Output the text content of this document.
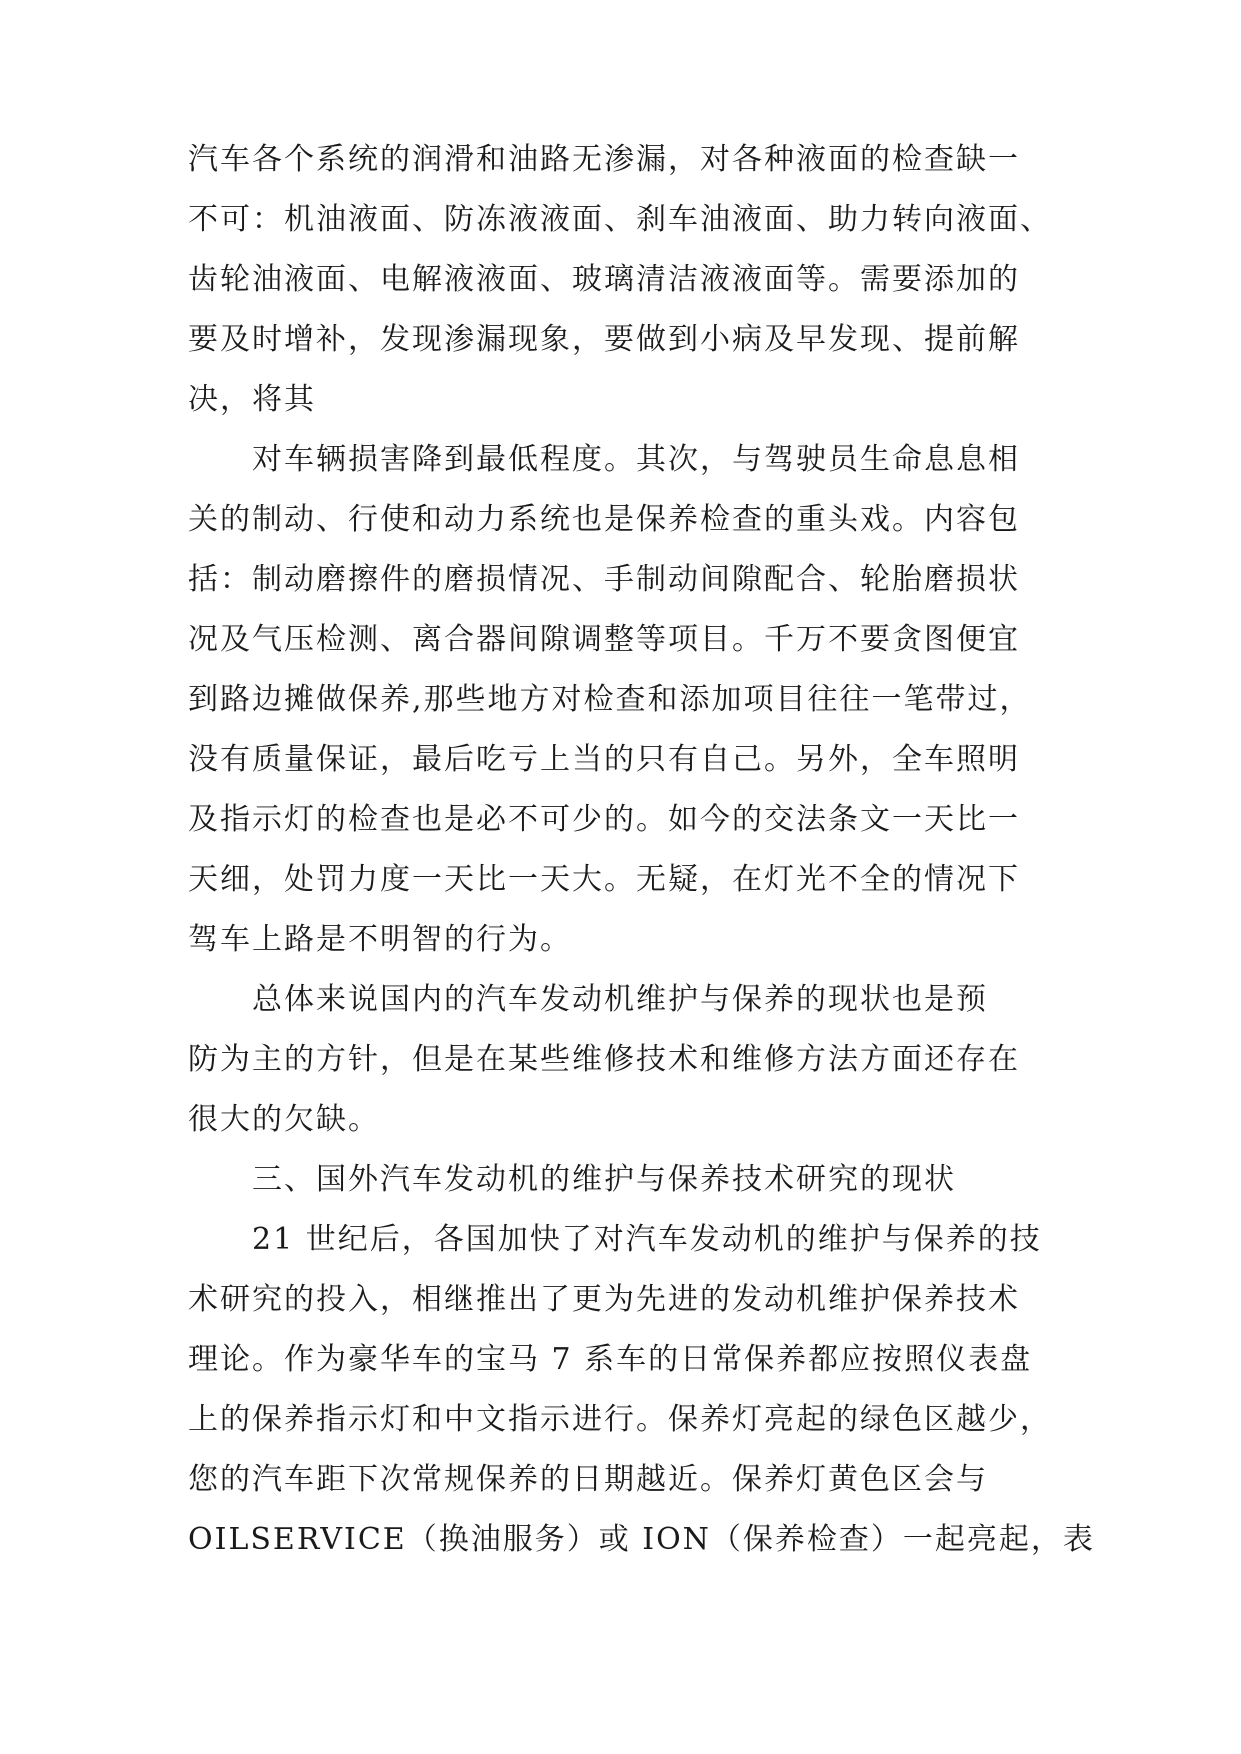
汽车各个系统的润滑和油路无渗漏，对各种液面的检查缺一
不可：机油液面、防冻液液面、刹车油液面、助力转向液面、
齿轮油液面、电解液液面、玻璃清洁液液面等。需要添加的
要及时增补，发现渗漏现象，要做到小病及早发现、提前解
决，将其
　　对车辆损害降到最低程度。其次，与驾驶员生命息息相
关的制动、行使和动力系统也是保养检查的重头戏。内容包
括：制动磨擦件的磨损情况、手制动间隙配合、轮胎磨损状
况及气压检测、离合器间隙调整等项目。千万不要贪图便宜
到路边摊做保养,那些地方对检查和添加项目往往一笔带过，
没有质量保证，最后吃亏上当的只有自己。另外，全车照明
及指示灯的检查也是必不可少的。如今的交法条文一天比一
天细，处罚力度一天比一天大。无疑，在灯光不全的情况下
驾车上路是不明智的行为。
　　总体来说国内的汽车发动机维护与保养的现状也是预
防为主的方针，但是在某些维修技术和维修方法方面还存在
很大的欠缺。
　　三、国外汽车发动机的维护与保养技术研究的现状
　　21 世纪后，各国加快了对汽车发动机的维护与保养的技
术研究的投入，相继推出了更为先进的发动机维护保养技术
理论。作为豪华车的宝马 7 系车的日常保养都应按照仪表盘
上的保养指示灯和中文指示进行。保养灯亮起的绿色区越少，
您的汽车距下次常规保养的日期越近。保养灯黄色区会与
OILSERVICE（换油服务）或 ION（保养检查）一起亮起，表
